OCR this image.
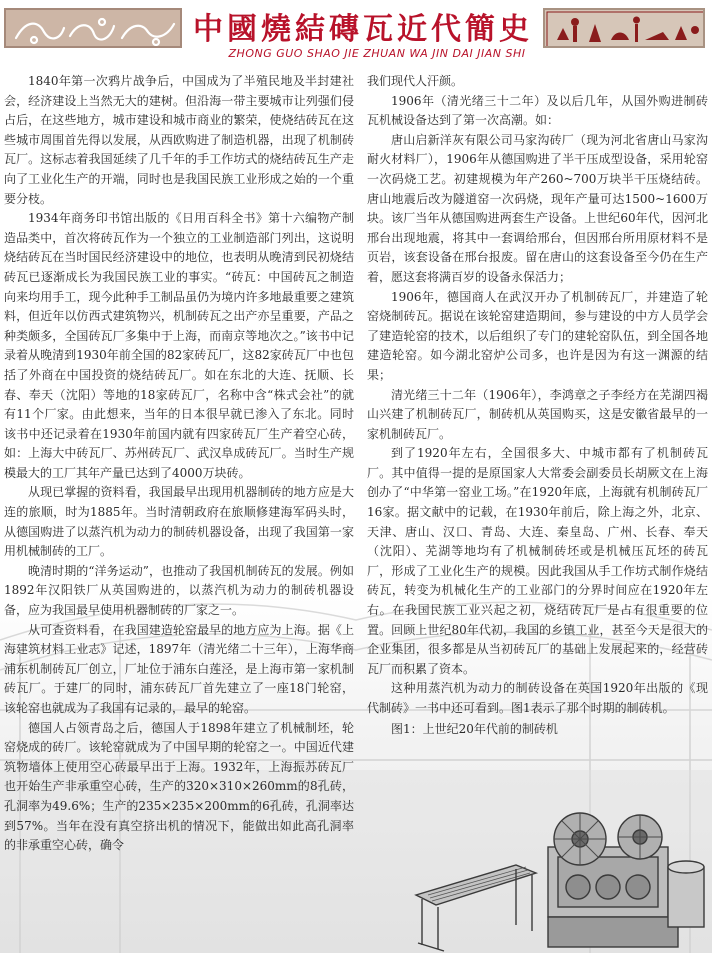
中國燒結磚瓦近代簡史
ZHONG GUO SHAO JIE ZHUAN WA JIN DAI JIAN SHI

1840年第一次鸦片战争后，中国成为了半殖民地及半封建社会，经济建设上当然无大的建树。但沿海一带主要城市让列强们侵占后，在这些地方，城市建设和城市商业的繁荣，使烧结砖瓦在这些城市周围首先得以发展，从西欧购进了制造机器，出现了机制砖瓦厂。这标志着我国延续了几千年的手工作坊式的烧结砖瓦生产走向了工业化生产的开端，同时也是我国民族工业形成之始的一个重要分枝。

1934年商务印书馆出版的《日用百科全书》第十六编物产制造品类中，首次将砖瓦作为一个独立的工业制造部门列出，这说明烧结砖瓦在当时国民经济建设中的地位，也表明从晚清到民初烧结砖瓦已逐渐成长为我国民族工业的事实。“砖瓦：中国砖瓦之制造向来均用手工，现今此种手工制品虽仍为境内许多地最重要之建筑料，但近年以仿西式建筑物兴，机制砖瓦之出产亦呈重要，产品之种类颇多，全国砖瓦厂多集中于上海，而南京等地次之。”该书中记录着从晚清到1930年前全国的82家砖瓦厂，这82家砖瓦厂中也包括了外商在中国投资的烧结砖瓦厂。如在东北的大连、抚顺、长春、奉天（沈阳）等地的18家砖瓦厂，名称中含“株式会社”的就有11个厂家。由此想来，当年的日本很早就已渗入了东北。同时该书中还记录着在1930年前国内就有四家砖瓦厂生产着空心砖，如：上海大中砖瓦厂、苏州砖瓦厂、武汉阜成砖瓦厂。当时生产规模最大的工厂其年产量已达到了4000万块砖。

从现已掌握的资料看，我国最早出现用机器制砖的地方应是大连的旅顺，时为1885年。当时清朝政府在旅顺修建海军码头时，从德国购进了以蒸汽机为动力的制砖机器设备，出现了我国第一家用机械制砖的工厂。

晚清时期的“洋务运动”，也推动了我国机制砖瓦的发展。例如1892年汉阳铁厂从英国购进的，以蒸汽机为动力的制砖机器设备，应为我国最早使用机器制砖的厂家之一。

从可查资料看，在我国建造轮窑最早的地方应为上海。据《上海建筑材料工业志》记述，1897年（清光绪二十三年），上海华商浦东机制砖瓦厂创立，厂址位于浦东白莲泾，是上海市第一家机制砖瓦厂。于建厂的同时，浦东砖瓦厂首先建立了一座18门轮窑，该轮窑也就成为了我国有记录的，最早的轮窑。

德国人占领青岛之后，德国人于1898年建立了机械制坯，轮窑烧成的砖厂。该轮窑就成为了中国早期的轮窑之一。中国近代建筑物墙体上使用空心砖最早出于上海。1932年，上海振苏砖瓦厂也开始生产非承重空心砖，生产的320×310×260mm的8孔砖，孔洞率为49.6%；生产的235×235×200mm的6孔砖，孔洞率达到57%。当年在没有真空挤出机的情况下，能做出如此高孔洞率的非承重空心砖，确令

我们现代人汗颜。

1906年（清光绪三十二年）及以后几年，从国外购进制砖瓦机械设备达到了第一次高潮。如：

唐山启新洋灰有限公司马家沟砖厂（现为河北省唐山马家沟耐火材料厂），1906年从德国购进了半干压成型设备，采用轮窑一次码烧工艺。初建规模为年产260~700万块半干压烧结砖。唐山地震后改为隧道窑一次码烧，现年产量可达1500~1600万块。该厂当年从德国购进两套生产设备。上世纪60年代，因河北邢台出现地震，将其中一套调给邢台，但因邢台所用原材料不是页岩，该套设备在邢台报废。留在唐山的这套设备至今仍在生产着，愿这套将满百岁的设备永保活力；

1906年，德国商人在武汉开办了机制砖瓦厂，并建造了轮窑烧制砖瓦。据说在该轮窑建造期间，参与建设的中方人员学会了建造轮窑的技术，以后组织了专门的建轮窑队伍，到全国各地建造轮窑。如今湖北窑炉公司多，也许是因为有这一渊源的结果；

清光绪三十二年（1906年），李鸿章之子李经方在芜湖四褐山兴建了机制砖瓦厂，制砖机从英国购买，这是安徽省最早的一家机制砖瓦厂。

到了1920年左右，全国很多大、中城市都有了机制砖瓦厂。其中值得一提的是原国家人大常委会副委员长胡厥文在上海创办了“中华第一窑业工场。”在1920年底，上海就有机制砖瓦厂16家。据文献中的记载，在1930年前后，除上海之外，北京、天津、唐山、汉口、青岛、大连、秦皇岛、广州、长春、奉天（沈阳）、芜湖等地均有了机械制砖坯或是机械压瓦坯的砖瓦厂，形成了工业化生产的规模。因此我国从手工作坊式制作烧结砖瓦，转变为机械化生产的工业部门的分界时间应在1920年左右。在我国民族工业兴起之初，烧结砖瓦厂是占有很重要的位置。回顾上世纪80年代初，我国的乡镇工业，甚至今天是很大的企业集团，很多都是从当初砖瓦厂的基础上发展起来的，经营砖瓦厂而积累了资本。

这种用蒸汽机为动力的制砖设备在英国1920年出版的《现代制砖》一书中还可看到。图1表示了那个时期的制砖机。

图1：上世纪20年代前的制砖机
